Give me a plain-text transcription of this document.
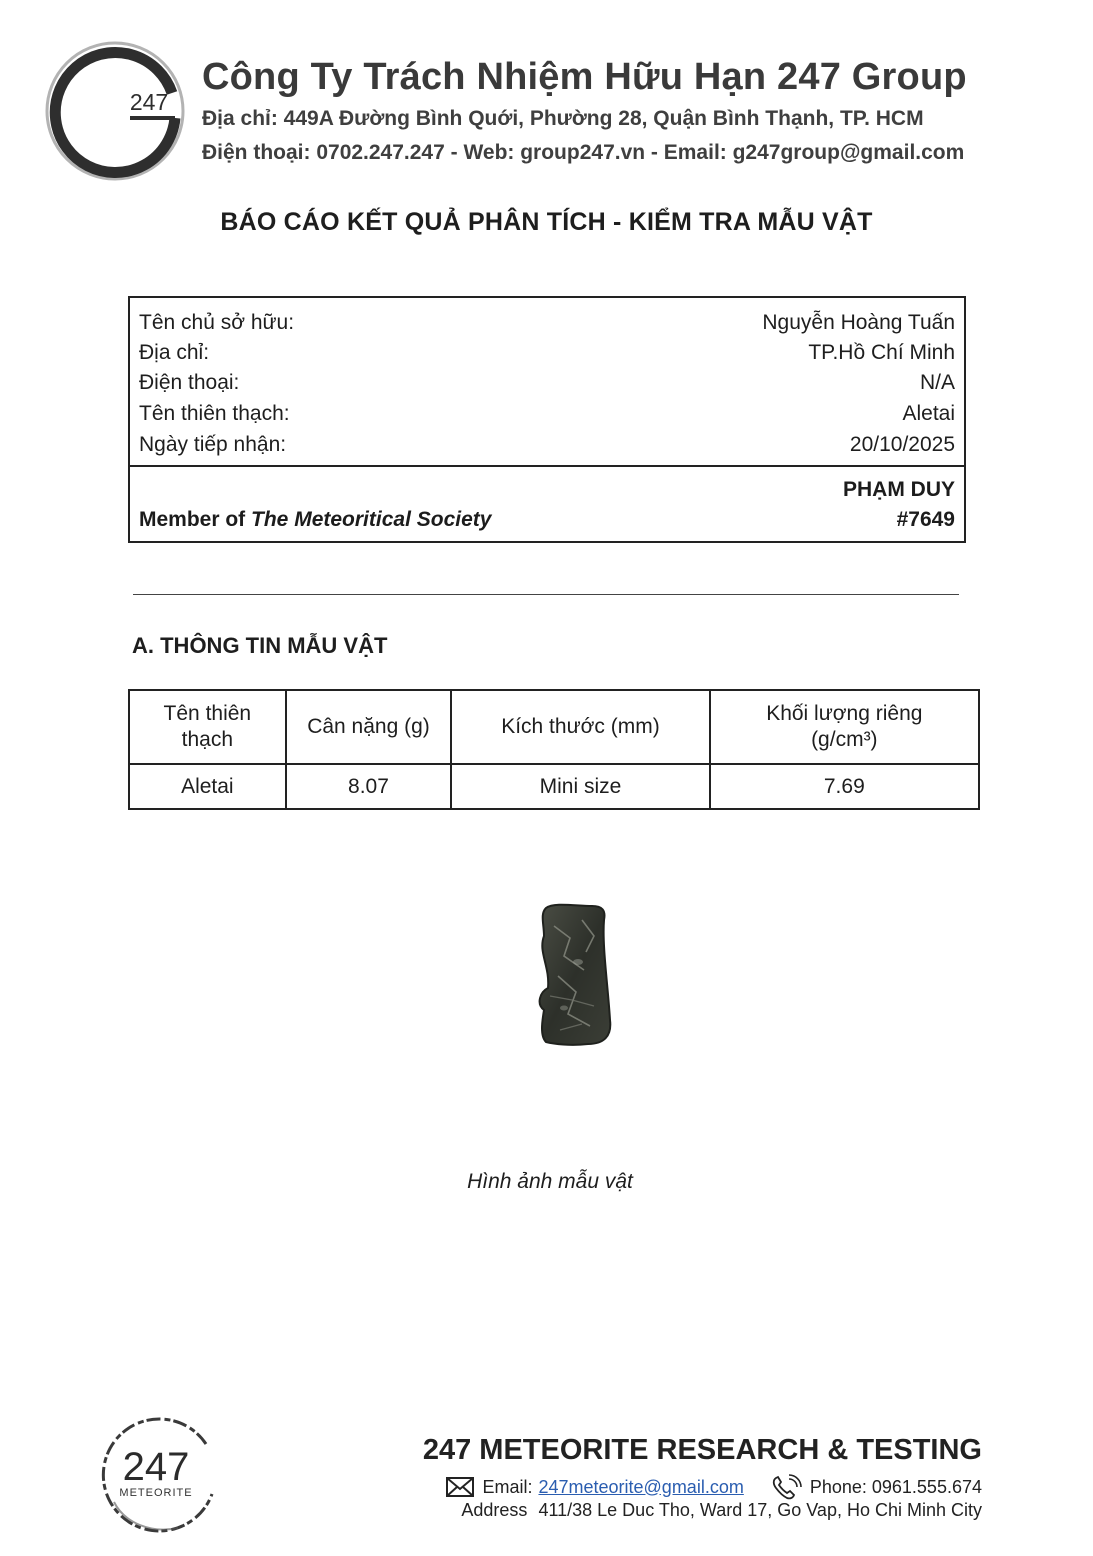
247
Công Ty Trách Nhiệm Hữu Hạn 247 Group
Địa chỉ: 449A Đường Bình Quới, Phường 28, Quận Bình Thạnh, TP. HCM
Điện thoại: 0702.247.247 - Web: group247.vn - Email: g247group@gmail.com
BÁO CÁO KẾT QUẢ PHÂN TÍCH - KIỂM TRA MẪU VẬT
Tên chủ sở hữu:	Nguyễn Hoàng Tuấn
Địa chỉ:	TP.Hồ Chí Minh
Điện thoại:	N/A
Tên thiên thạch:	Aletai
Ngày tiếp nhận:	20/10/2025
PHẠM DUY
Member of The Meteoritical Society	#7649
A. THÔNG TIN MẪU VẬT
Tên thiên
thạch	Cân nặng (g)	Kích thước (mm)	Khối lượng riêng
(g/cm³)
Aletai	8.07	Mini size	7.69
Hình ảnh mẫu vật
247
METEORITE
247 METEORITE RESEARCH & TESTING
Email: 247meteorite@gmail.com	Phone: 0961.555.674
Address 411/38 Le Duc Tho, Ward 17, Go Vap, Ho Chi Minh City
